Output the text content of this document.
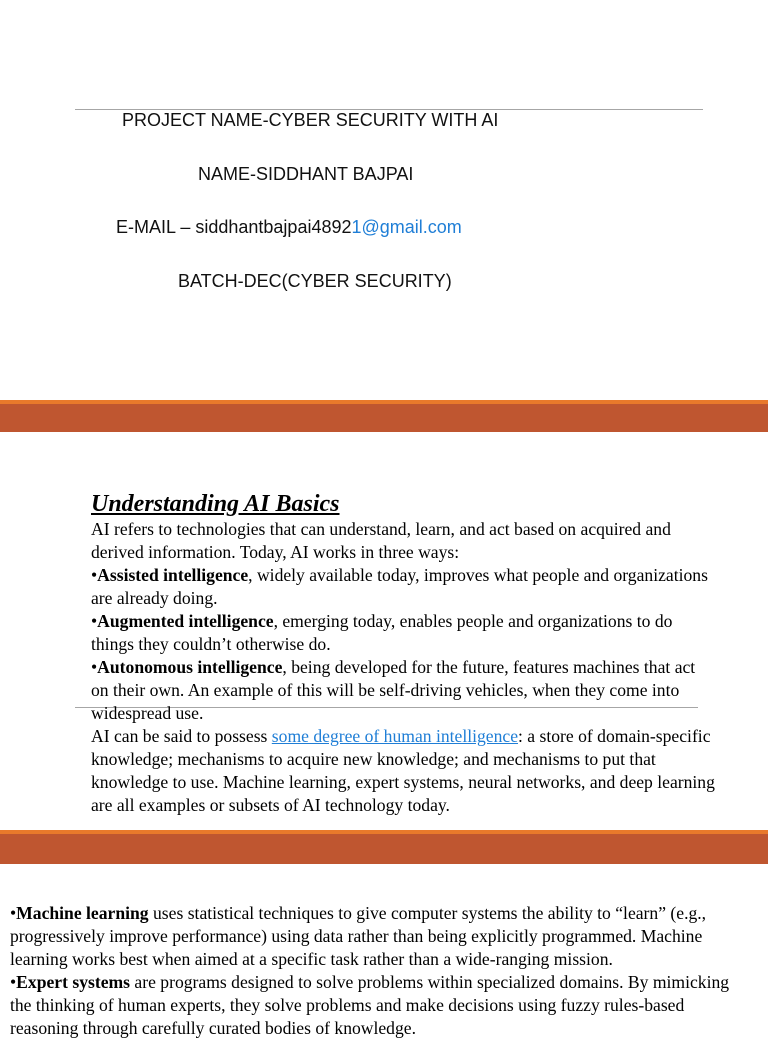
PROJECT NAME-CYBER SECURITY WITH AI
NAME-SIDDHANT BAJPAI
E-MAIL – siddhantbajpai48921@gmail.com
BATCH-DEC(CYBER SECURITY)
Understanding AI Basics

AI refers to technologies that can understand, learn, and act based on acquired and derived information. Today, AI works in three ways:

•Assisted intelligence, widely available today, improves what people and organizations are already doing.

•Augmented intelligence, emerging today, enables people and organizations to do things they couldn’t otherwise do.

•Autonomous intelligence, being developed for the future, features machines that act on their own. An example of this will be self-driving vehicles, when they come into widespread use.

AI can be said to possess some degree of human intelligence: a store of domain-specific knowledge; mechanisms to acquire new knowledge; and mechanisms to put that knowledge to use. Machine learning, expert systems, neural networks, and deep learning are all examples or subsets of AI technology today.

•Machine learning uses statistical techniques to give computer systems the ability to “learn” (e.g., progressively improve performance) using data rather than being explicitly programmed. Machine learning works best when aimed at a specific task rather than a wide-ranging mission.

•Expert systems are programs designed to solve problems within specialized domains. By mimicking the thinking of human experts, they solve problems and make decisions using fuzzy rules-based reasoning through carefully curated bodies of knowledge.
